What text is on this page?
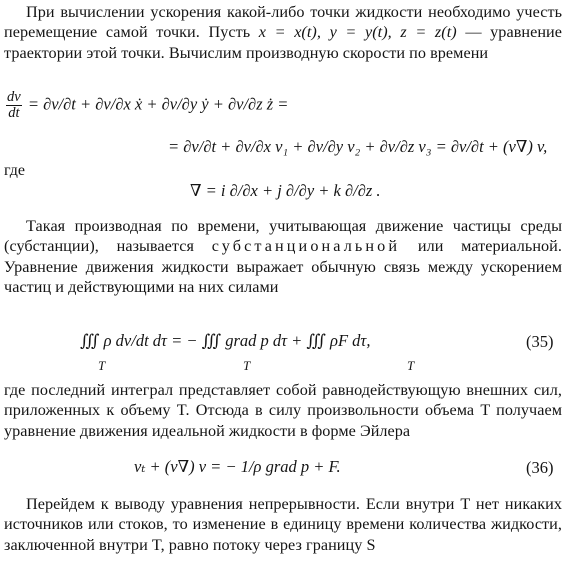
При вычислении ускорения какой-либо точки жидкости необходимо учесть перемещение самой точки. Пусть x = x(t), y = y(t), z = z(t) — уравнение траектории этой точки. Вычислим производную скорости по времени

$\frac{dv}{dt} = \partial v/\partial t + \partial v/\partial x$ ẋ + ∂v/∂y ẏ + ∂v/∂z ż =
= ∂v/∂t + ∂v/∂x v₁ + ∂v/∂y v₂ + ∂v/∂z v₃ = ∂v/∂t + (v∇) v,
где
∇ = i ∂/∂x + j ∂/∂y + k ∂/∂z .

Такая производная по времени, учитывающая движение частицы среды (субстанции), называется субстанциональной или материальной. Уравнение движения жидкости выражает обычную связь между ускорением частиц и действующими на них силами

∭ ρ dv/dt dτ = − ∭ grad p dτ + ∭ ρF dτ,
T	T	T
(35)

где последний интеграл представляет собой равнодействующую внешних сил, приложенных к объему T. Отсюда в силу произвольности объема T получаем уравнение движения идеальной жидкости в форме Эйлера

vₜ + (v∇) v = − 1/ρ grad p + F.	(36)

Перейдем к выводу уравнения непрерывности. Если внутри T нет никаких источников или стоков, то изменение в единицу времени количества жидкости, заключенной внутри T, равно потоку через границу S
